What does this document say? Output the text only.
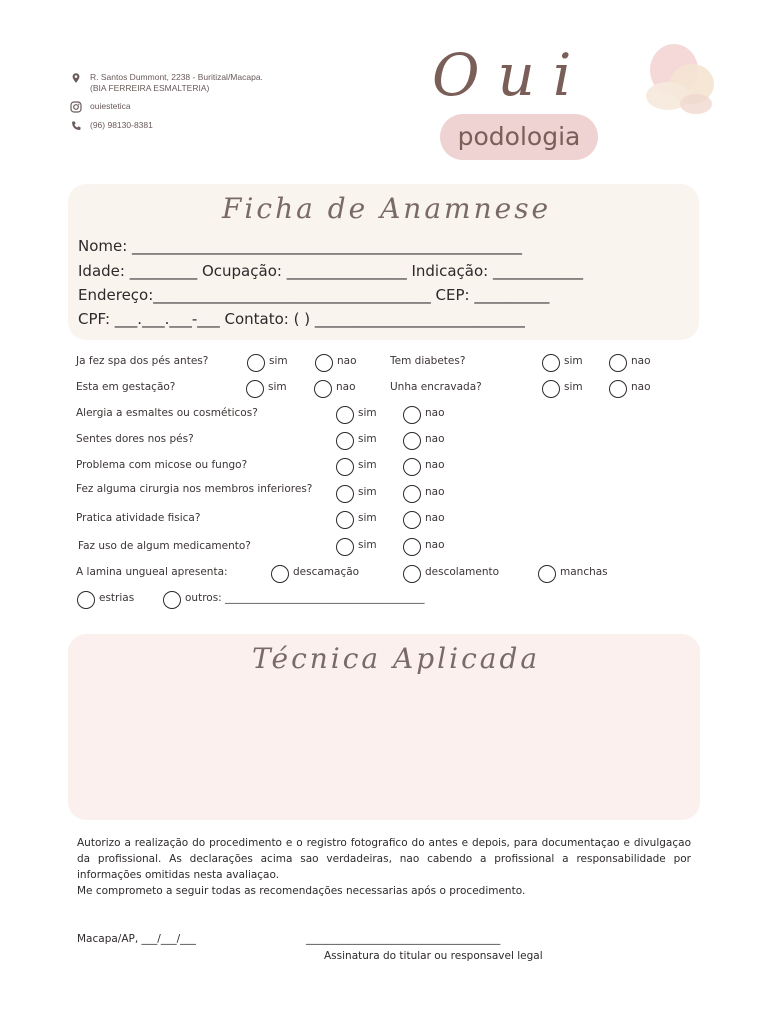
R. Santos Dummont, 2238 - Buritizal/Macapa.
(BIA FERREIRA ESMALTERIA)
ouiestetica
(96) 98130-8381
Oui
podologia
Ficha de Anamnese
Nome: ____________________________________________________
Idade: _________ Ocupação: ________________ Indicação: ____________
Endereço:_____________________________________ CEP: __________
CPF: ___.___.___-___ Contato: ( ) ____________________________
Ja fez spa dos pés antes?	sim	nao	Tem diabetes?	sim	nao
Esta em gestação?	sim	nao	Unha encravada?	sim	nao
Alergia a esmaltes ou cosméticos?	sim	nao
Sentes dores nos pés?	sim	nao
Problema com micose ou fungo?	sim	nao
Fez alguma cirurgia nos membros inferiores?	sim	nao
Pratica atividade fisica?	sim	nao
Faz uso de algum medicamento?	sim	nao
A lamina ungueal apresenta:	descamação	descolamento	manchas
estrias	outros: ______________________________________
Técnica Aplicada

Autorizo a realização do procedimento e o registro fotografico do antes e depois, para documentaçao e divulgaçao da profissional. As declarações acima sao verdadeiras, nao cabendo a profissional a responsabilidade por informações omitidas nesta avaliaçao.

Me comprometo a seguir todas as recomendações necessarias após o procedimento.

Macapa/AP, ___/___/___	_____________________________________
Assinatura do titular ou responsavel legal
